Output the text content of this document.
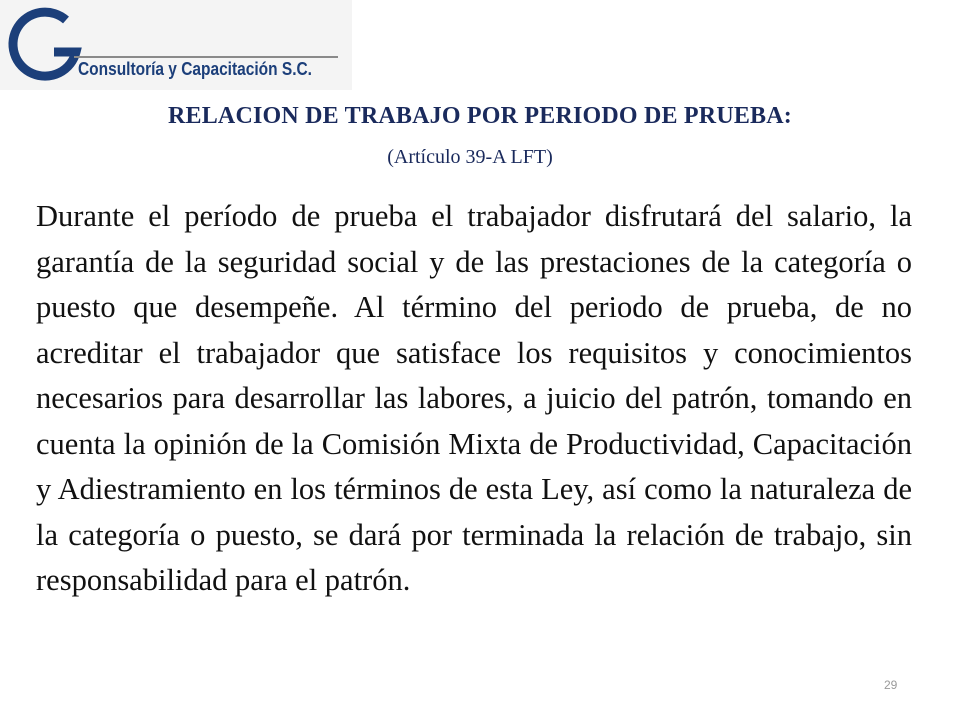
va
Consultoría y Capacitación S.C.
RELACION DE TRABAJO POR PERIODO DE PRUEBA:
(Artículo 39-A LFT)
Durante el período de prueba el trabajador disfrutará del salario, la garantía de la seguridad social y de las prestaciones de la categoría o puesto que desempeñe. Al término del periodo de prueba, de no acreditar el trabajador que satisface los requisitos y conocimientos necesarios para desarrollar las labores, a juicio del patrón, tomando en cuenta la opinión de la Comisión Mixta de Productividad, Capacitación y Adiestramiento en los términos de esta Ley, así como la naturaleza de la categoría o puesto, se dará por terminada la relación de trabajo, sin responsabilidad para el patrón.
29
